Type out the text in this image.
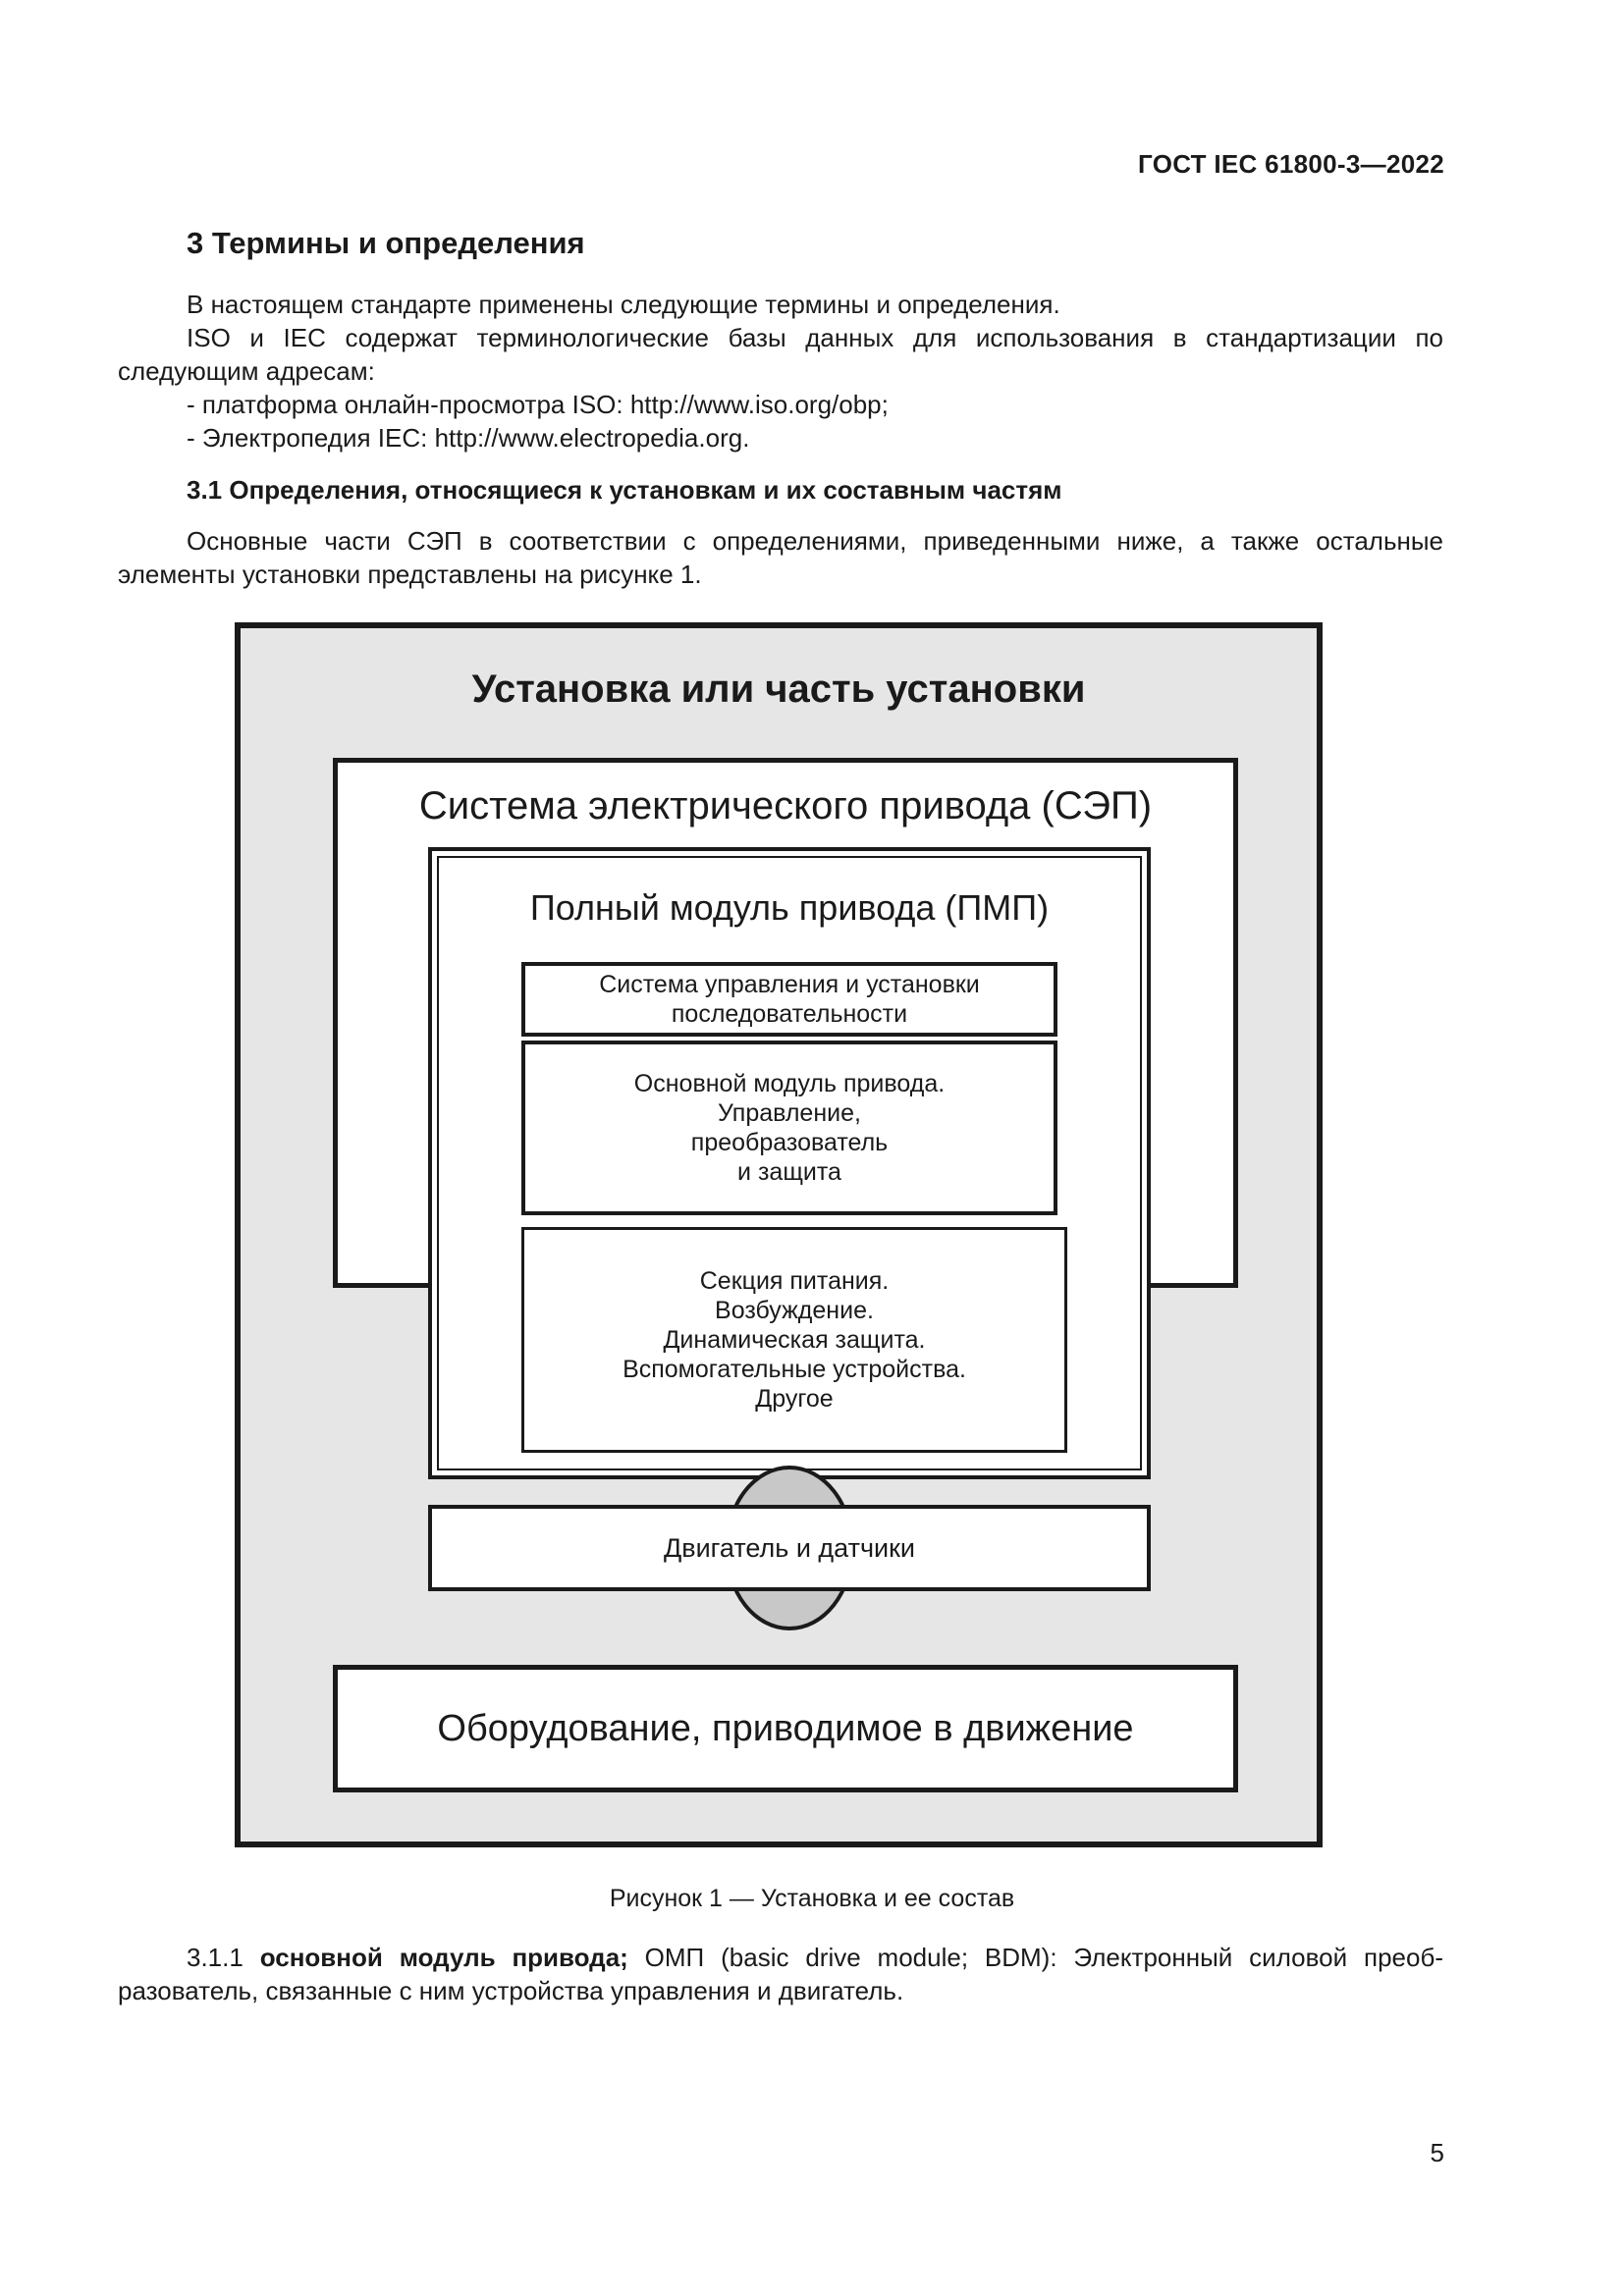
ГОСТ IEC 61800-3—2022
3 Термины и определения

В настоящем стандарте применены следующие термины и определения.

ISO и IEC содержат терминологические базы данных для использования в стандартизации по следующим адресам:

- платформа онлайн-просмотра ISO: http://www.iso.org/obp;

- Электропедия IEC: http://www.electropedia.org.

3.1 Определения, относящиеся к установкам и их составным частям

Основные части СЭП в соответствии с определениями, приведенными ниже, а также остальные элементы установки представлены на рисунке 1.

Установка или часть установки
Система электрического привода (СЭП)
Полный модуль привода (ПМП)
Система управления и установки
последовательности
Основной модуль привода.
Управление,
преобразователь
и защита
Секция питания.
Возбуждение.
Динамическая защита.
Вспомогательные устройства.
Другое
Двигатель и датчики
Оборудование, приводимое в движение
Рисунок 1 — Установка и ее состав

3.1.1 основной модуль привода; ОМП (basic drive module; BDM): Электронный силовой преоб-разователь, связанные с ним устройства управления и двигатель.

5
